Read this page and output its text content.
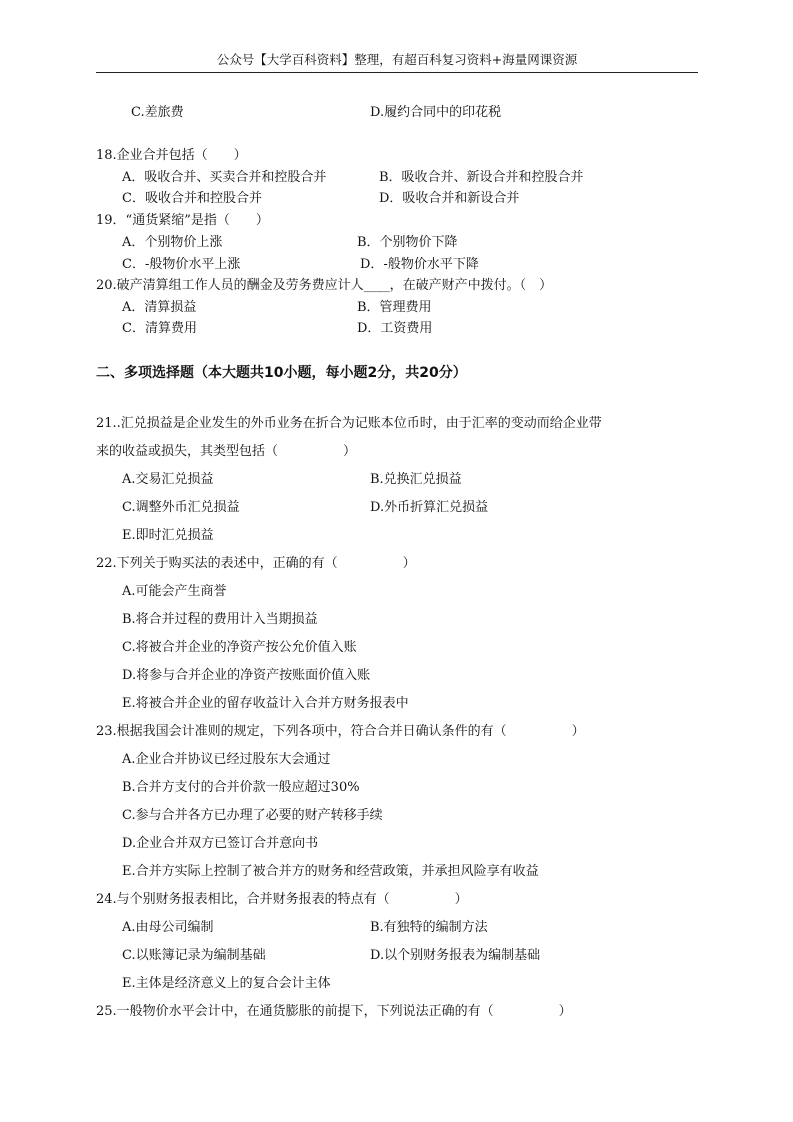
公众号【大学百科资料】整理，有超百科复习资料+海量网课资源
C.差旅费	D.履约合同中的印花税
18.企业合并包括（　　）
A．吸收合并、买卖合并和控股合并	B．吸收合并、新设合并和控股合并
C．吸收合并和控股合并	D．吸收合并和新设合并
19．“通货紧缩”是指（　　）
A．个别物价上涨	B．个别物价下降
C．-般物价水平上涨	D．-般物价水平下降
20.破产清算组工作人员的酬金及劳务费应计人____，在破产财产中拨付。（　）
A．清算损益	B．管理费用
C．清算费用	D．工资费用
二、多项选择题（本大题共10小题，每小题2分，共20分）
21..汇兑损益是企业发生的外币业务在折合为记账本位币时，由于汇率的变动而给企业带
来的收益或损失，其类型包括（　　　　　）
A.交易汇兑损益	B.兑换汇兑损益
C.调整外币汇兑损益	D.外币折算汇兑损益
E.即时汇兑损益
22.下列关于购买法的表述中，正确的有（　　　　　）
A.可能会产生商誉
B.将合并过程的费用计入当期损益
C.将被合并企业的净资产按公允价值入账
D.将参与合并企业的净资产按账面价值入账
E.将被合并企业的留存收益计入合并方财务报表中
23.根据我国会计准则的规定，下列各项中，符合合并日确认条件的有（　　　　　）
A.企业合并协议已经过股东大会通过
B.合并方支付的合并价款一般应超过30%
C.参与合并各方已办理了必要的财产转移手续
D.企业合并双方已签订合并意向书
E.合并方实际上控制了被合并方的财务和经营政策，并承担风险享有收益
24.与个别财务报表相比，合并财务报表的特点有（　　　　　）
A.由母公司编制	B.有独特的编制方法
C.以账簿记录为编制基础	D.以个别财务报表为编制基础
E.主体是经济意义上的复合会计主体
25.一般物价水平会计中，在通货膨胀的前提下，下列说法正确的有（　　　　　）
